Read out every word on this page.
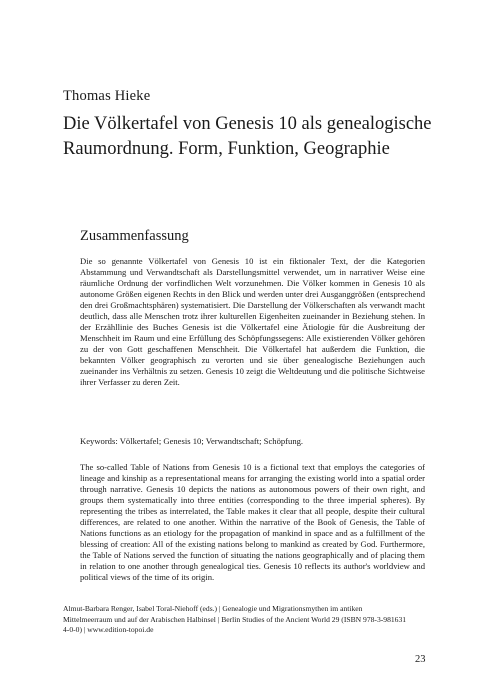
Thomas Hieke
Die Völkertafel von Genesis 10 als genealogische Raumordnung. Form, Funktion, Geographie
Zusammenfassung

Die so genannte Völkertafel von Genesis 10 ist ein fiktionaler Text, der die Kategorien Abstammung und Verwandtschaft als Darstellungsmittel verwendet, um in narrativer Weise eine räumliche Ordnung der vorfindlichen Welt vorzunehmen. Die Völker kommen in Genesis 10 als autonome Größen eigenen Rechts in den Blick und werden unter drei Ausganggrößen (entsprechend den drei Großmachtsphären) systematisiert. Die Darstellung der Völkerschaften als verwandt macht deutlich, dass alle Menschen trotz ihrer kulturellen Eigenheiten zueinander in Beziehung stehen. In der Erzähllinie des Buches Genesis ist die Völkertafel eine Ätiologie für die Ausbreitung der Menschheit im Raum und eine Erfüllung des Schöpfungssegens: Alle existierenden Völker gehören zu der von Gott geschaffenen Menschheit. Die Völkertafel hat außerdem die Funktion, die bekannten Völker geographisch zu verorten und sie über genealogische Beziehungen auch zueinander ins Verhältnis zu setzen. Genesis 10 zeigt die Weltdeutung und die politische Sichtweise ihrer Verfasser zu deren Zeit.

Keywords: Völkertafel; Genesis 10; Verwandtschaft; Schöpfung.

The so-called Table of Nations from Genesis 10 is a fictional text that employs the categories of lineage and kinship as a representational means for arranging the existing world into a spatial order through narrative. Genesis 10 depicts the nations as autonomous powers of their own right, and groups them systematically into three entities (corresponding to the three imperial spheres). By representing the tribes as interrelated, the Table makes it clear that all people, despite their cultural differences, are related to one another. Within the narrative of the Book of Genesis, the Table of Nations functions as an etiology for the propagation of mankind in space and as a fulfillment of the blessing of creation: All of the existing nations belong to mankind as created by God. Furthermore, the Table of Nations served the function of situating the nations geographically and of placing them in relation to one another through genealogical ties. Genesis 10 reflects its author's worldview and political views of the time of its origin.

Almut-Barbara Renger, Isabel Toral-Niehoff (eds.) | Genealogie und Migrationsmythen im antiken Mittelmeerraum und auf der Arabischen Halbinsel | Berlin Studies of the Ancient World 29 (ISBN 978-3-981631 4-0-0) | www.edition-topoi.de

23
